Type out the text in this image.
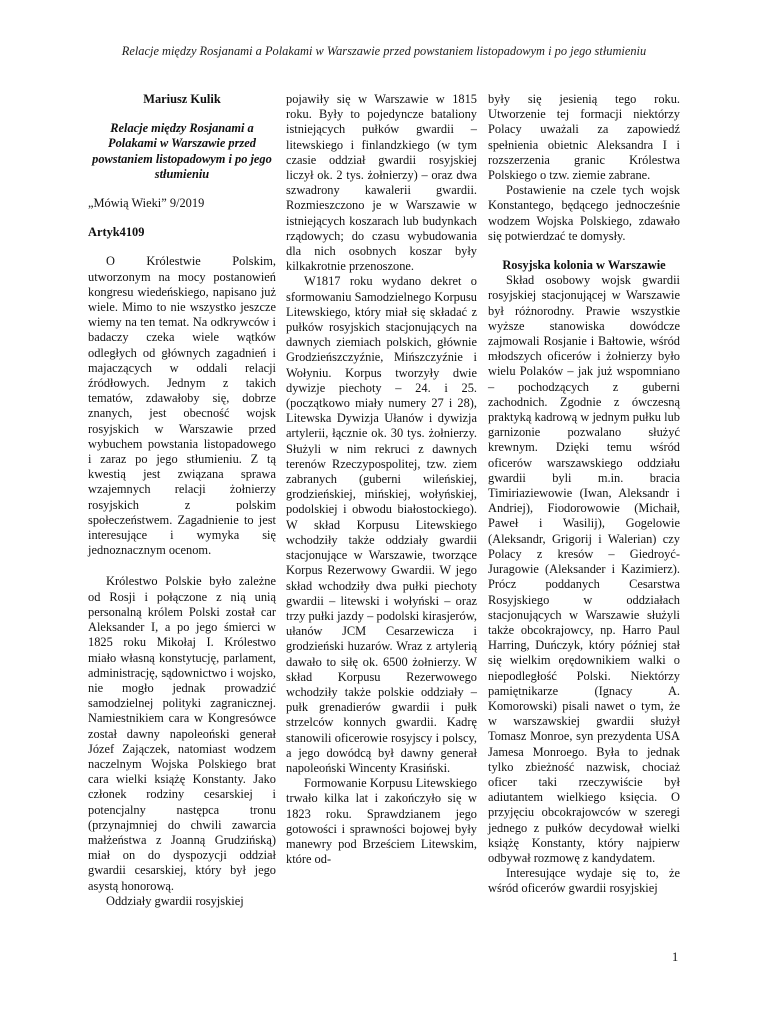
Relacje między Rosjanami a Polakami w Warszawie przed powstaniem listopadowym i po jego stłumieniu

Mariusz Kulik

Relacje między Rosjanami a Polakami w Warszawie przed powstaniem listopadowym i po jego stłumieniu

„Mówią Wieki” 9/2019

Artyk4109

O Królestwie Polskim, utworzonym na mocy postanowień kongresu wiedeńskiego, napisano już wiele. Mimo to nie wszystko jeszcze wiemy na ten temat. Na odkrywców i badaczy czeka wiele wątków odległych od głównych zagadnień i majaczących w oddali relacji źródłowych. Jednym z takich tematów, zdawałoby się, dobrze znanych, jest obecność wojsk rosyjskich w Warszawie przed wybuchem powstania listopadowego i zaraz po jego stłumieniu. Z tą kwestią jest związana sprawa wzajemnych relacji żołnierzy rosyjskich z polskim społeczeństwem. Zagadnienie to jest interesujące i wymyka się jednoznacznym ocenom.

Królestwo Polskie było zależne od Rosji i połączone z nią unią personalną królem Polski został car Aleksander I, a po jego śmierci w 1825 roku Mikołaj I. Królestwo miało własną konstytucję, parlament, administrację, sądownictwo i wojsko, nie mogło jednak prowadzić samodzielnej polityki zagranicznej. Namiestnikiem cara w Kongresówce został dawny napoleoński generał Józef Zajączek, natomiast wodzem naczelnym Wojska Polskiego brat cara wielki książę Konstanty. Jako członek rodziny cesarskiej i potencjalny następca tronu (przynajmniej do chwili zawarcia małżeństwa z Joanną Grudzińską) miał on do dyspozycji oddział gwardii cesarskiej, który był jego asystą honorową.

Oddziały gwardii rosyjskiej

pojawiły się w Warszawie w 1815 roku. Były to pojedyncze bataliony istniejących pułków gwardii – litewskiego i finlandzkiego (w tym czasie oddział gwardii rosyjskiej liczył ok. 2 tys. żołnierzy) – oraz dwa szwadrony kawalerii gwardii. Rozmieszczono je w Warszawie w istniejących koszarach lub budynkach rządowych; do czasu wybudowania dla nich osobnych koszar były kilkakrotnie przenoszone.

W1817 roku wydano dekret o sformowaniu Samodzielnego Korpusu Litewskiego, który miał się składać z pułków rosyjskich stacjonujących na dawnych ziemiach polskich, głównie Grodzieńszczyźnie, Mińszczyźnie i Wołyniu. Korpus tworzyły dwie dywizje piechoty – 24. i 25. (początkowo miały numery 27 i 28), Litewska Dywizja Ułanów i dywizja artylerii, łącznie ok. 30 tys. żołnierzy. Służyli w nim rekruci z dawnych terenów Rzeczypospolitej, tzw. ziem zabranych (guberni wileńskiej, grodzieńskiej, mińskiej, wołyńskiej, podolskiej i obwodu białostockiego). W skład Korpusu Litewskiego wchodziły także oddziały gwardii stacjonujące w Warszawie, tworzące Korpus Rezerwowy Gwardii. W jego skład wchodziły dwa pułki piechoty gwardii – litewski i wołyński – oraz trzy pułki jazdy – podolski kirasjerów, ułanów JCM Cesarzewicza i grodzieński huzarów. Wraz z artylerią dawało to siłę ok. 6500 żołnierzy. W skład Korpusu Rezerwowego wchodziły także polskie oddziały – pułk grenadierów gwardii i pułk strzelców konnych gwardii. Kadrę stanowili oficerowie rosyjscy i polscy, a jego dowódcą był dawny generał napoleoński Wincenty Krasiński.

Formowanie Korpusu Litewskiego trwało kilka lat i zakończyło się w 1823 roku. Sprawdzianem jego gotowości i sprawności bojowej były manewry pod Brześciem Litewskim, które od-

były się jesienią tego roku. Utworzenie tej formacji niektórzy Polacy uważali za zapowiedź spełnienia obietnic Aleksandra I i rozszerzenia granic Królestwa Polskiego o tzw. ziemie zabrane.

Postawienie na czele tych wojsk Konstantego, będącego jednocześnie wodzem Wojska Polskiego, zdawało się potwierdzać te domysły.

Rosyjska kolonia w Warszawie

Skład osobowy wojsk gwardii rosyjskiej stacjonującej w Warszawie był różnorodny. Prawie wszystkie wyższe stanowiska dowódcze zajmowali Rosjanie i Bałtowie, wśród młodszych oficerów i żołnierzy było wielu Polaków – jak już wspomniano – pochodzących z guberni zachodnich. Zgodnie z ówczesną praktyką kadrową w jednym pułku lub garnizonie pozwalano służyć krewnym. Dzięki temu wśród oficerów warszawskiego oddziału gwardii byli m.in. bracia Timiriaziewowie (Iwan, Aleksandr i Andriej), Fiodorowowie (Michaił, Paweł i Wasilij), Gogelowie (Aleksandr, Grigorij i Walerian) czy Polacy z kresów – Giedroyć-Juragowie (Aleksander i Kazimierz). Prócz poddanych Cesarstwa Rosyjskiego w oddziałach stacjonujących w Warszawie służyli także obcokrajowcy, np. Harro Paul Harring, Duńczyk, który później stał się wielkim orędownikiem walki o niepodległość Polski. Niektórzy pamiętnikarze (Ignacy A. Komorowski) pisali nawet o tym, że w warszawskiej gwardii służył Tomasz Monroe, syn prezydenta USA Jamesa Monroego. Była to jednak tylko zbieżność nazwisk, chociaż oficer taki rzeczywiście był adiutantem wielkiego księcia. O przyjęciu obcokrajowców w szeregi jednego z pułków decydował wielki książę Konstanty, który najpierw odbywał rozmowę z kandydatem.

Interesujące wydaje się to, że wśród oficerów gwardii rosyjskiej

1
